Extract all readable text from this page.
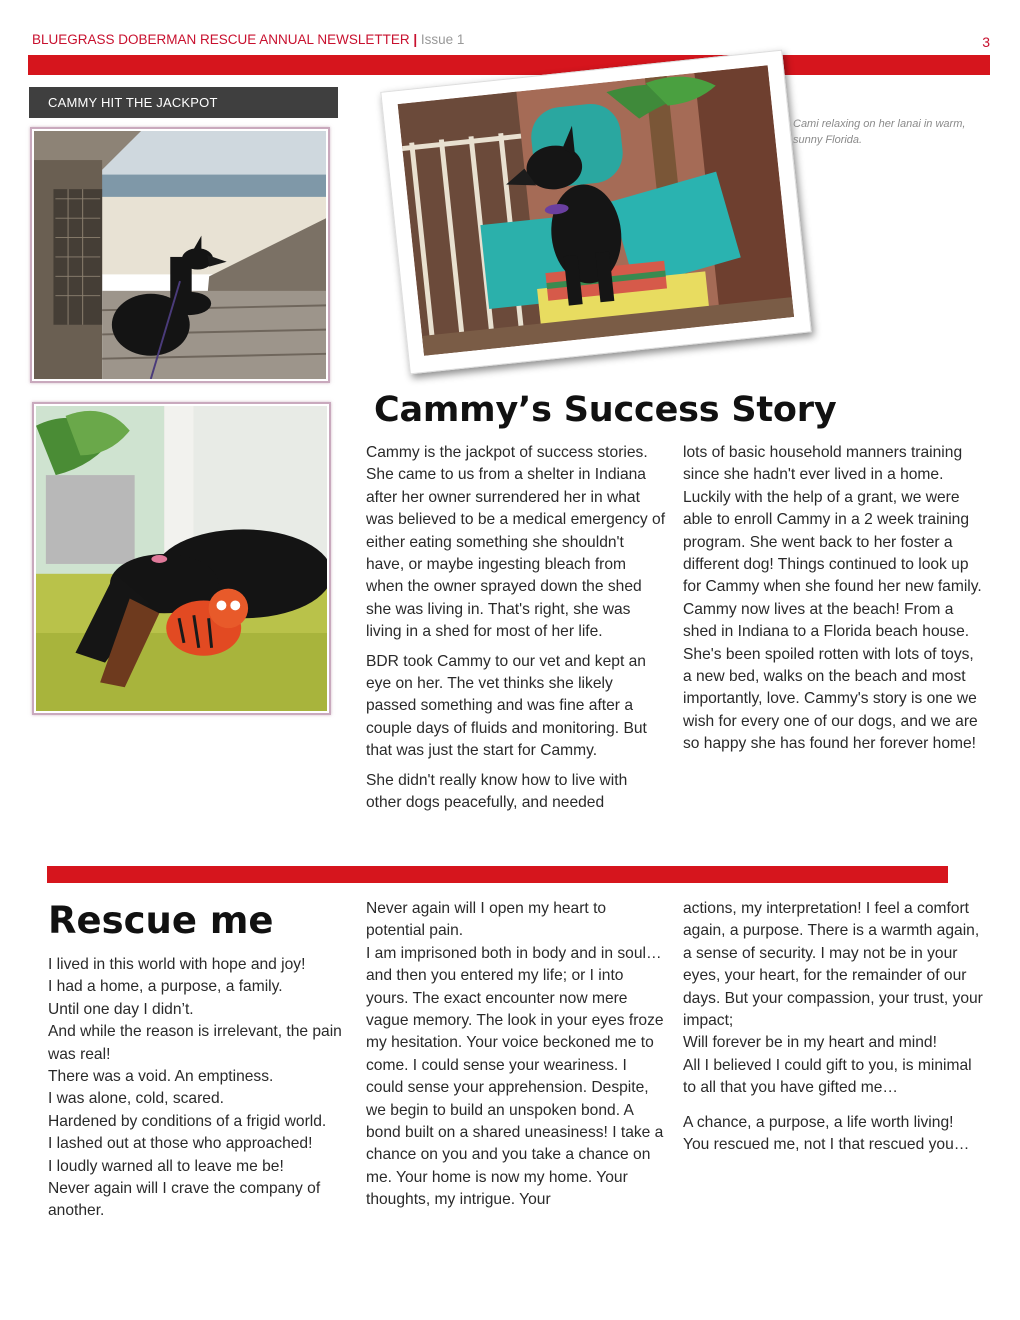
BLUEGRASS DOBERMAN RESCUE ANNUAL NEWSLETTER | Issue 1	3
CAMMY HIT THE JACKPOT
Cami relaxing on her lanai in warm, sunny Florida.
Cammy’s Success Story

Cammy is the jackpot of success stories. She came to us from a shelter in Indiana after her owner surrendered her in what was believed to be a medical emergency of either eating something she shouldn't have, or maybe ingesting bleach from when the owner sprayed down the shed she was living in. That's right, she was living in a shed for most of her life.

BDR took Cammy to our vet and kept an eye on her. The vet thinks she likely passed something and was fine after a couple days of fluids and monitoring. But that was just the start for Cammy.

She didn't really know how to live with other dogs peacefully, and needed

lots of basic household manners training since she hadn't ever lived in a home. Luckily with the help of a grant, we were able to enroll Cammy in a 2 week training program. She went back to her foster a different dog! Things continued to look up for Cammy when she found her new family. Cammy now lives at the beach! From a shed in Indiana to a Florida beach house. She's been spoiled rotten with lots of toys, a new bed, walks on the beach and most importantly, love. Cammy's story is one we wish for every one of our dogs, and we are so happy she has found her forever home!

Rescue me
I lived in this world with hope and joy!
I had a home, a purpose, a family.
Until one day I didn’t.
And while the reason is irrelevant, the pain was real!
There was a void. An emptiness.
I was alone, cold, scared.
Hardened by conditions of a frigid world.
I lashed out at those who approached!
I loudly warned all to leave me be!
Never again will I crave the company of another.
Never again will I open my heart to potential pain.
I am imprisoned both in body and in soul…
and then you entered my life; or I into yours. The exact encounter now mere vague memory. The look in your eyes froze my hesitation. Your voice beckoned me to come. I could sense your weariness. I could sense your apprehension. Despite, we begin to build an unspoken bond. A bond built on a shared uneasiness! I take a chance on you and you take a chance on me. Your home is now my home. Your thoughts, my intrigue. Your
actions, my interpretation! I feel a comfort again, a purpose. There is a warmth again, a sense of security. I may not be in your eyes, your heart, for the remainder of our days. But your compassion, your trust, your impact;
Will forever be in my heart and mind!
All I believed I could gift to you, is minimal to all that you have gifted me…
A chance, a purpose, a life worth living!
You rescued me, not I that rescued you…
